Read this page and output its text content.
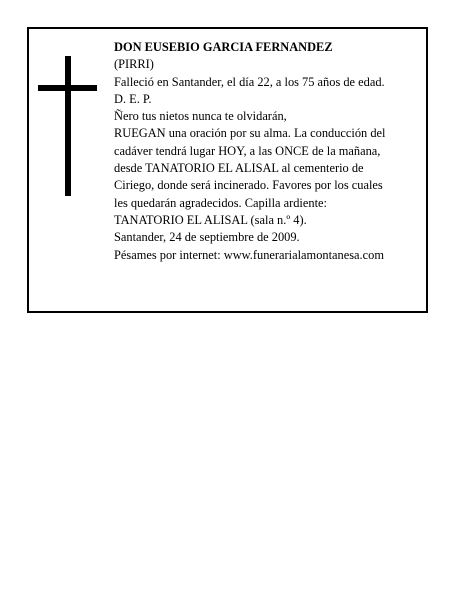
DON EUSEBIO GARCIA FERNANDEZ
(PIRRI)
Falleció en Santander, el día 22, a los 75 años de edad.
D. E. P.
Ñero tus nietos nunca te olvidarán,
RUEGAN una oración por su alma. La conducción del
cadáver tendrá lugar HOY, a las ONCE de la mañana,
desde TANATORIO EL ALISAL al cementerio de
Ciriego, donde será incinerado. Favores por los cuales
les quedarán agradecidos. Capilla ardiente:
TANATORIO EL ALISAL (sala n.º 4).
Santander, 24 de septiembre de 2009.
Pésames por internet: www.funerarialamontanesa.com
